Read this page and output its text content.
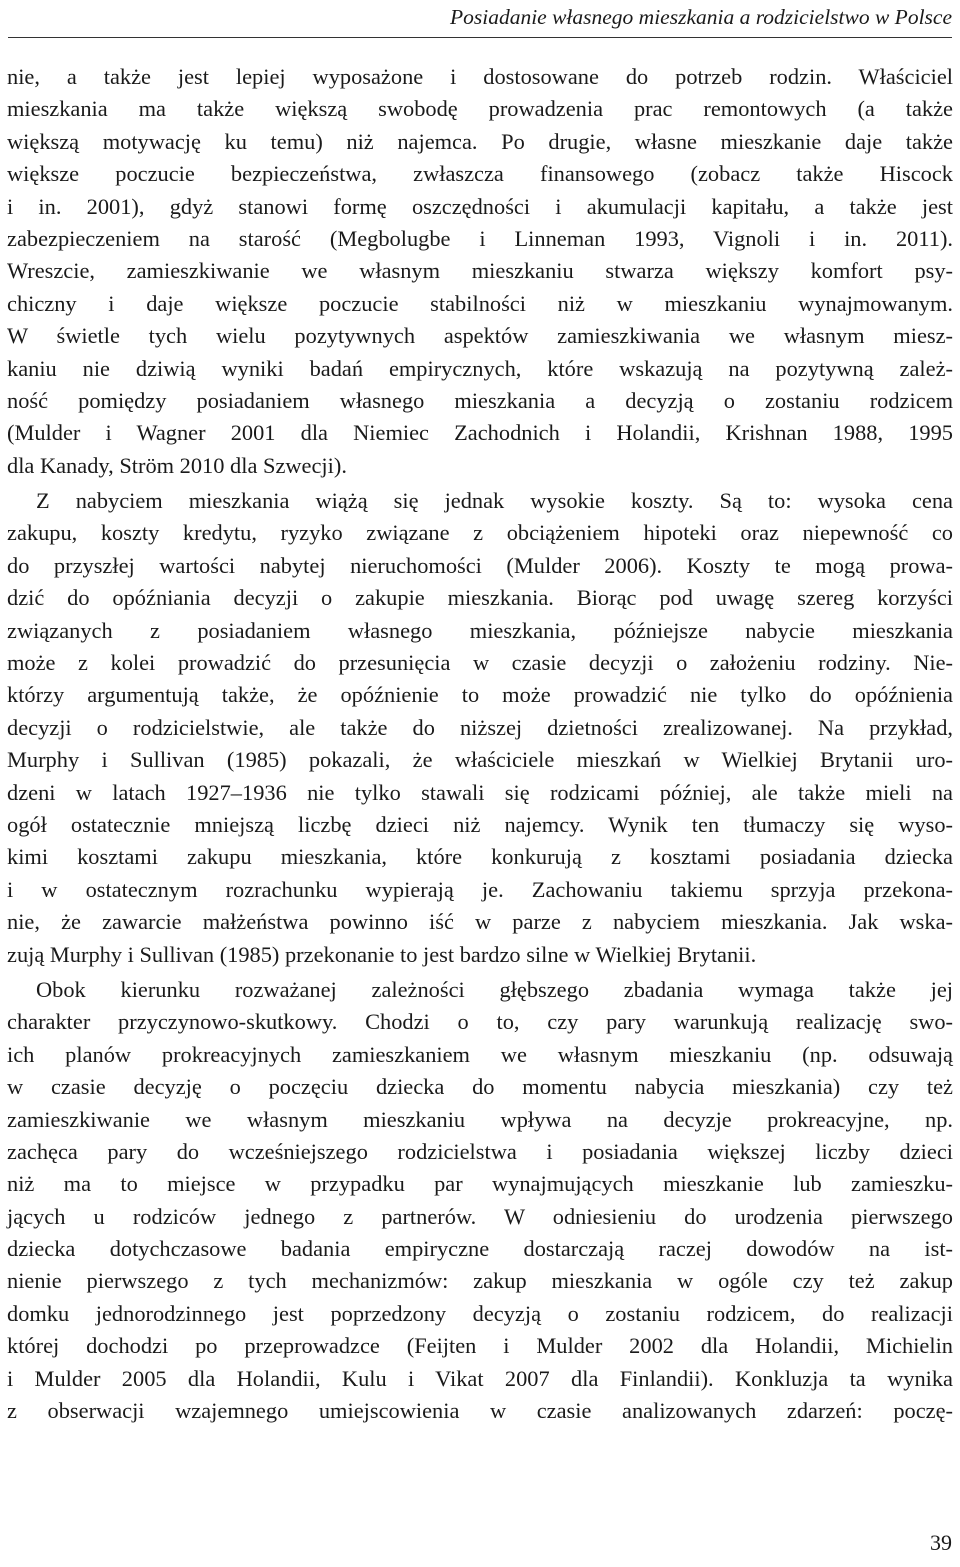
Posiadanie własnego mieszkania a rodzicielstwo w Polsce
nie, a także jest lepiej wyposażone i dostosowane do potrzeb rodzin. Właściciel
mieszkania ma także większą swobodę prowadzenia prac remontowych (a także
większą motywację ku temu) niż najemca. Po drugie, własne mieszkanie daje także
większe poczucie bezpieczeństwa, zwłaszcza finansowego (zobacz także Hiscock
i in. 2001), gdyż stanowi formę oszczędności i akumulacji kapitału, a także jest
zabezpieczeniem na starość (Megbolugbe i Linneman 1993, Vignoli i in. 2011).
Wreszcie, zamieszkiwanie we własnym mieszkaniu stwarza większy komfort psy-
chiczny i daje większe poczucie stabilności niż w mieszkaniu wynajmowanym.
W świetle tych wielu pozytywnych aspektów zamieszkiwania we własnym miesz-
kaniu nie dziwią wyniki badań empirycznych, które wskazują na pozytywną zależ-
ność pomiędzy posiadaniem własnego mieszkania a decyzją o zostaniu rodzicem
(Mulder i Wagner 2001 dla Niemiec Zachodnich i Holandii, Krishnan 1988, 1995
dla Kanady, Ström 2010 dla Szwecji).
Z nabyciem mieszkania wiążą się jednak wysokie koszty. Są to: wysoka cena
zakupu, koszty kredytu, ryzyko związane z obciążeniem hipoteki oraz niepewność co
do przyszłej wartości nabytej nieruchomości (Mulder 2006). Koszty te mogą prowa-
dzić do opóźniania decyzji o zakupie mieszkania. Biorąc pod uwagę szereg korzyści
związanych z posiadaniem własnego mieszkania, późniejsze nabycie mieszkania
może z kolei prowadzić do przesunięcia w czasie decyzji o założeniu rodziny. Nie-
którzy argumentują także, że opóźnienie to może prowadzić nie tylko do opóźnienia
decyzji o rodzicielstwie, ale także do niższej dzietności zrealizowanej. Na przykład,
Murphy i Sullivan (1985) pokazali, że właściciele mieszkań w Wielkiej Brytanii uro-
dzeni w latach 1927–1936 nie tylko stawali się rodzicami później, ale także mieli na
ogół ostatecznie mniejszą liczbę dzieci niż najemcy. Wynik ten tłumaczy się wyso-
kimi kosztami zakupu mieszkania, które konkurują z kosztami posiadania dziecka
i w ostatecznym rozrachunku wypierają je. Zachowaniu takiemu sprzyja przekona-
nie, że zawarcie małżeństwa powinno iść w parze z nabyciem mieszkania. Jak wska-
zują Murphy i Sullivan (1985) przekonanie to jest bardzo silne w Wielkiej Brytanii.
Obok kierunku rozważanej zależności głębszego zbadania wymaga także jej
charakter przyczynowo-skutkowy. Chodzi o to, czy pary warunkują realizację swo-
ich planów prokreacyjnych zamieszkaniem we własnym mieszkaniu (np. odsuwają
w czasie decyzję o poczęciu dziecka do momentu nabycia mieszkania) czy też
zamieszkiwanie we własnym mieszkaniu wpływa na decyzje prokreacyjne, np.
zachęca pary do wcześniejszego rodzicielstwa i posiadania większej liczby dzieci
niż ma to miejsce w przypadku par wynajmujących mieszkanie lub zamieszku-
jących u rodziców jednego z partnerów. W odniesieniu do urodzenia pierwszego
dziecka dotychczasowe badania empiryczne dostarczają raczej dowodów na ist-
nienie pierwszego z tych mechanizmów: zakup mieszkania w ogóle czy też zakup
domku jednorodzinnego jest poprzedzony decyzją o zostaniu rodzicem, do realizacji
której dochodzi po przeprowadzce (Feijten i Mulder 2002 dla Holandii, Michielin
i Mulder 2005 dla Holandii, Kulu i Vikat 2007 dla Finlandii). Konkluzja ta wynika
z obserwacji wzajemnego umiejscowienia w czasie analizowanych zdarzeń: poczę-
39
